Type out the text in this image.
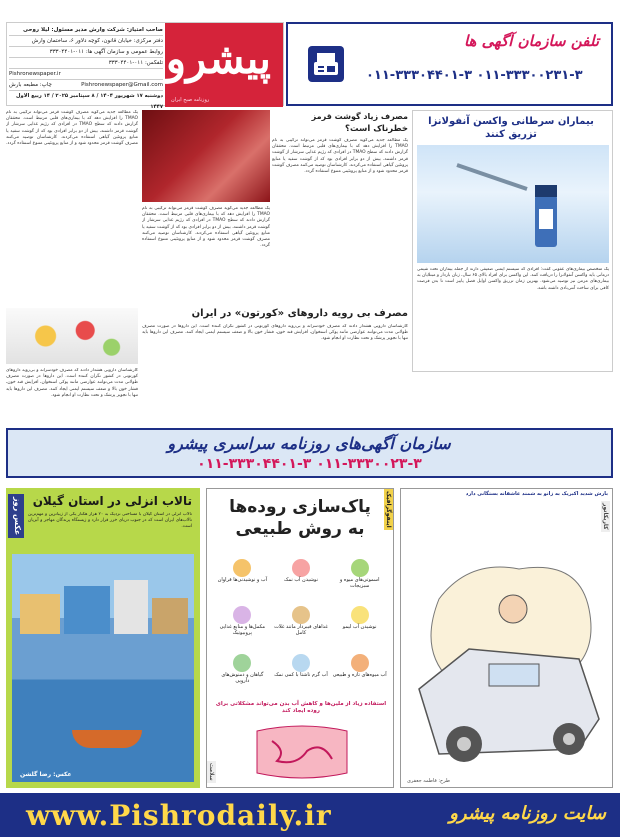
پیشرو
روزنامه صبح ایران
صاحب امتیاز: شرکت وارش مدیر مسئول: لیلا روحی
دفتر مرکزی: خیابان قانون، کوچه دلاور ۶، ساختمان وارش
روابط عمومی و سازمان آگهی ها: ۰۱۱-۳۳۳۰۴۴۰۱
تلفکس: ۰۱۱-۳۳۳۰۴۴۰۱
Pishronewspaper.ir
چاپ: مطبعه بارش	Pishronewspaper@Gmail.com
دوشنبه ۱۷ شهریور ۱۴۰۴ / ۸ سپتامبر ۲۰۲۵ / ۱۴ ربیع الاول ۱۴۴۷
تلفن سازمان آگهی ها
۰۱۱-۳۳۳۰۰۲۳۱-۳ ۰۱۱-۳۳۳۰۴۴۰۱-۳
یک مطالعه جدید می‌گوید مصرف گوشت قرمز می‌تواند ترکیبی به نام TMAO را افزایش دهد که با بیماری‌های قلبی مرتبط است. محققان گزارش دادند که سطح TMAO در افرادی که رژیم غذایی سرشار از گوشت قرمز داشتند، بیش از دو برابر افرادی بود که از گوشت سفید یا منابع پروتئین گیاهی استفاده می‌کردند. کارشناسان توصیه می‌کنند مصرف گوشت قرمز محدود شود و از منابع پروتئینی متنوع استفاده گردد.
مصرف زیاد گوشت قرمز
خطرناک است؟
یک مطالعه جدید می‌گوید مصرف گوشت قرمز می‌تواند ترکیبی به نام TMAO را افزایش دهد که با بیماری‌های قلبی مرتبط است. محققان گزارش دادند که سطح TMAO در افرادی که رژیم غذایی سرشار از گوشت قرمز داشتند، بیش از دو برابر افرادی بود که از گوشت سفید یا منابع پروتئین گیاهی استفاده می‌کردند. کارشناسان توصیه می‌کنند مصرف گوشت قرمز محدود شود و از منابع پروتئینی متنوع استفاده گردد.
یک مطالعه جدید می‌گوید مصرف گوشت قرمز می‌تواند ترکیبی به نام TMAO را افزایش دهد که با بیماری‌های قلبی مرتبط است. محققان گزارش دادند که سطح TMAO در افرادی که رژیم غذایی سرشار از گوشت قرمز داشتند، بیش از دو برابر افرادی بود که از گوشت سفید یا منابع پروتئین گیاهی استفاده می‌کردند. کارشناسان توصیه می‌کنند مصرف گوشت قرمز محدود شود و از منابع پروتئینی متنوع استفاده گردد.
بیماران سرطانی واکسن آنفولانزا تزریق کنند
یک متخصص بیماری‌های عفونی گفت: افرادی که سیستم ایمنی ضعیفی دارند از جمله بیماران تحت شیمی درمانی باید واکسن آنفولانزا را دریافت کنند. این واکسن برای افراد بالای ۶۵ سال، زنان باردار و مبتلایان به بیماری‌های مزمن نیز توصیه می‌شود. بهترین زمان تزریق واکسن اوایل فصل پاییز است تا بدن فرصت کافی برای ساخت آنتی‌بادی داشته باشد.
مصرف بی رویه داروهای «کورتون» در ایران
کارشناسان دارویی هشدار دادند که مصرف خودسرانه و بی‌رویه داروهای کورتونی در کشور نگران کننده است. این داروها در صورت مصرف طولانی مدت می‌توانند عوارضی مانند پوکی استخوان، افزایش قند خون، فشار خون بالا و ضعف سیستم ایمنی ایجاد کنند. مصرف این داروها باید تنها با تجویز پزشک و تحت نظارت او انجام شود.
کارشناسان دارویی هشدار دادند که مصرف خودسرانه و بی‌رویه داروهای کورتونی در کشور نگران کننده است. این داروها در صورت مصرف طولانی مدت می‌توانند عوارضی مانند پوکی استخوان، افزایش قند خون، فشار خون بالا و ضعف سیستم ایمنی ایجاد کنند. مصرف این داروها باید تنها با تجویز پزشک و تحت نظارت او انجام شود.
سازمان آگهی‌های روزنامه سراسری پیشرو
۰۱۱-۳۳۳۰۰۲۳-۳ ۰۱۱-۳۳۳۰۴۴۰۱-۳
بارش شدید اکبریک به زانو به شمند عاشقانه بستگانی دارد
کاریکاتور
طرح: فاطمه جعفری
اینفوگرافیک
پاک‌سازی روده‌ها
به روش طبیعی
آب و نوشیدنی‌ها فراوان	نوشیدن آب نمک	اسموتی‌های میوه و سبزیجات
مکمل‌ها و منابع غذایی پروبیوتیک
غذاهای فیبردار مانند غلات کامل
نوشیدن آب لیمو
گیاهان و دمنوش‌های دارویی
آب گرم ناشتا با کمی نمک آب میوه‌های تازه و طبیعی
استفاده زیاد از ملین‌ها و کاهش آب بدن می‌تواند مشکلاتی برای روده ایجاد کند
سلامت
عکس روز تالاب انزلی در استان گیلان
تالاب انزلی در استان گیلان با مساحتی نزدیک به ۲۰ هزار هکتار یکی از زیباترین و مهم‌ترین تالاب‌های ایران است که در جنوب دریای خزر قرار دارد و زیستگاه پرندگان مهاجر و آبزیان است.
عکس: رضا گلشن
www.Pishrodaily.ir	سایت روزنامه پیشرو
